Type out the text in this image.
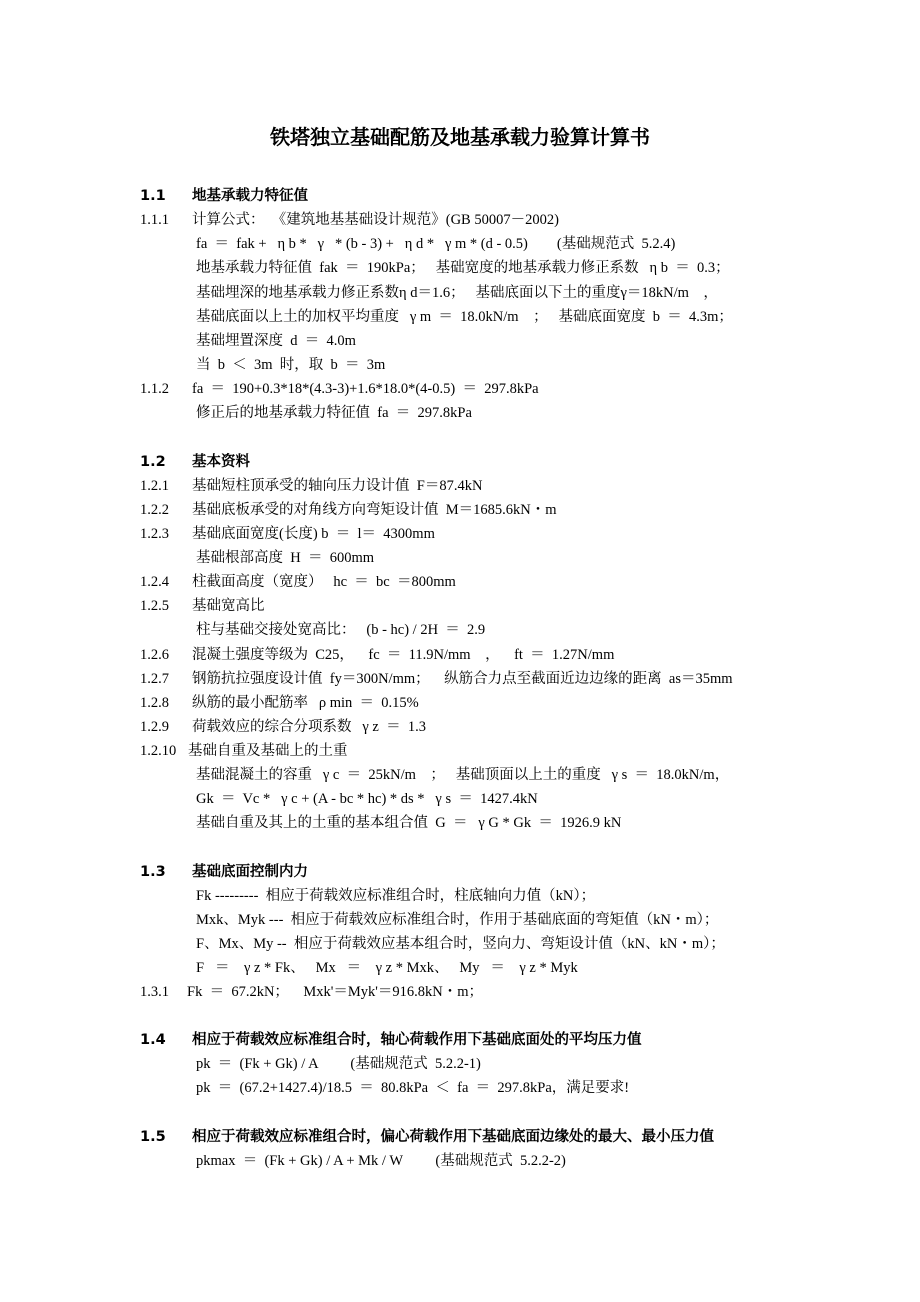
铁塔独立基础配筋及地基承载力验算计算书
1.1 地基承载力特征值
1.1.1 计算公式：  《建筑地基基础设计规范》(GB 50007－2002)
fa  ＝  fak +   η b *   γ   * (b - 3) +   η d *   γ m * (d - 0.5)        (基础规范式  5.2.4)
地基承载力特征值  fak  ＝  190kPa；   基础宽度的地基承载力修正系数   η b  ＝  0.3；
基础埋深的地基承载力修正系数η d＝1.6；   基础底面以下土的重度γ＝18kN/m    ，
基础底面以上土的加权平均重度   γ m  ＝  18.0kN/m    ；   基础底面宽度  b  ＝  4.3m；
基础埋置深度  d  ＝  4.0m
当  b  ＜  3m  时，取  b  ＝  3m
1.1.2 fa  ＝  190+0.3*18*(4.3-3)+1.6*18.0*(4-0.5)  ＝  297.8kPa
修正后的地基承载力特征值  fa  ＝  297.8kPa
1.2 基本资料
1.2.1 基础短柱顶承受的轴向压力设计值  F＝87.4kN
1.2.2 基础底板承受的对角线方向弯矩设计值  M＝1685.6kN・m
1.2.3 基础底面宽度(长度) b  ＝  l＝  4300mm
基础根部高度  H  ＝  600mm
1.2.4 柱截面高度（宽度）   hc  ＝  bc  ＝800mm
1.2.5 基础宽高比
柱与基础交接处宽高比：   (b - hc) / 2H  ＝  2.9
1.2.6 混凝土强度等级为  C25，    fc  ＝  11.9N/mm    ，    ft  ＝  1.27N/mm
1.2.7 钢筋抗拉强度设计值  fy＝300N/mm；    纵筋合力点至截面近边边缘的距离  as＝35mm
1.2.8 纵筋的最小配筋率   ρ min  ＝  0.15%
1.2.9 荷载效应的综合分项系数   γ z  ＝  1.3
1.2.10 基础自重及基础上的土重
基础混凝土的容重   γ c  ＝  25kN/m    ；   基础顶面以上土的重度   γ s  ＝  18.0kN/m，
Gk  ＝  Vc *   γ c + (A - bc * hc) * ds *   γ s  ＝  1427.4kN
基础自重及其上的土重的基本组合值  G  ＝   γ G * Gk  ＝  1926.9 kN
1.3 基础底面控制内力
Fk ---------  相应于荷载效应标准组合时，柱底轴向力值（kN）；
Mxk、Myk ---  相应于荷载效应标准组合时，作用于基础底面的弯矩值（kN・m）；
F、Mx、My --  相应于荷载效应基本组合时，竖向力、弯矩设计值（kN、kN・m）；
F   ＝    γ z * Fk、   Mx   ＝    γ z * Mxk、   My   ＝    γ z * Myk
1.3.1 Fk  ＝  67.2kN；    Mxk'＝Myk'＝916.8kN・m；
1.4 相应于荷载效应标准组合时，轴心荷载作用下基础底面处的平均压力值
pk  ＝  (Fk + Gk) / A         (基础规范式  5.2.2-1)
pk  ＝  (67.2+1427.4)/18.5  ＝  80.8kPa  ＜  fa  ＝  297.8kPa，满足要求!
1.5 相应于荷载效应标准组合时，偏心荷载作用下基础底面边缘处的最大、最小压力值
pkmax  ＝  (Fk + Gk) / A + Mk / W         (基础规范式  5.2.2-2)
